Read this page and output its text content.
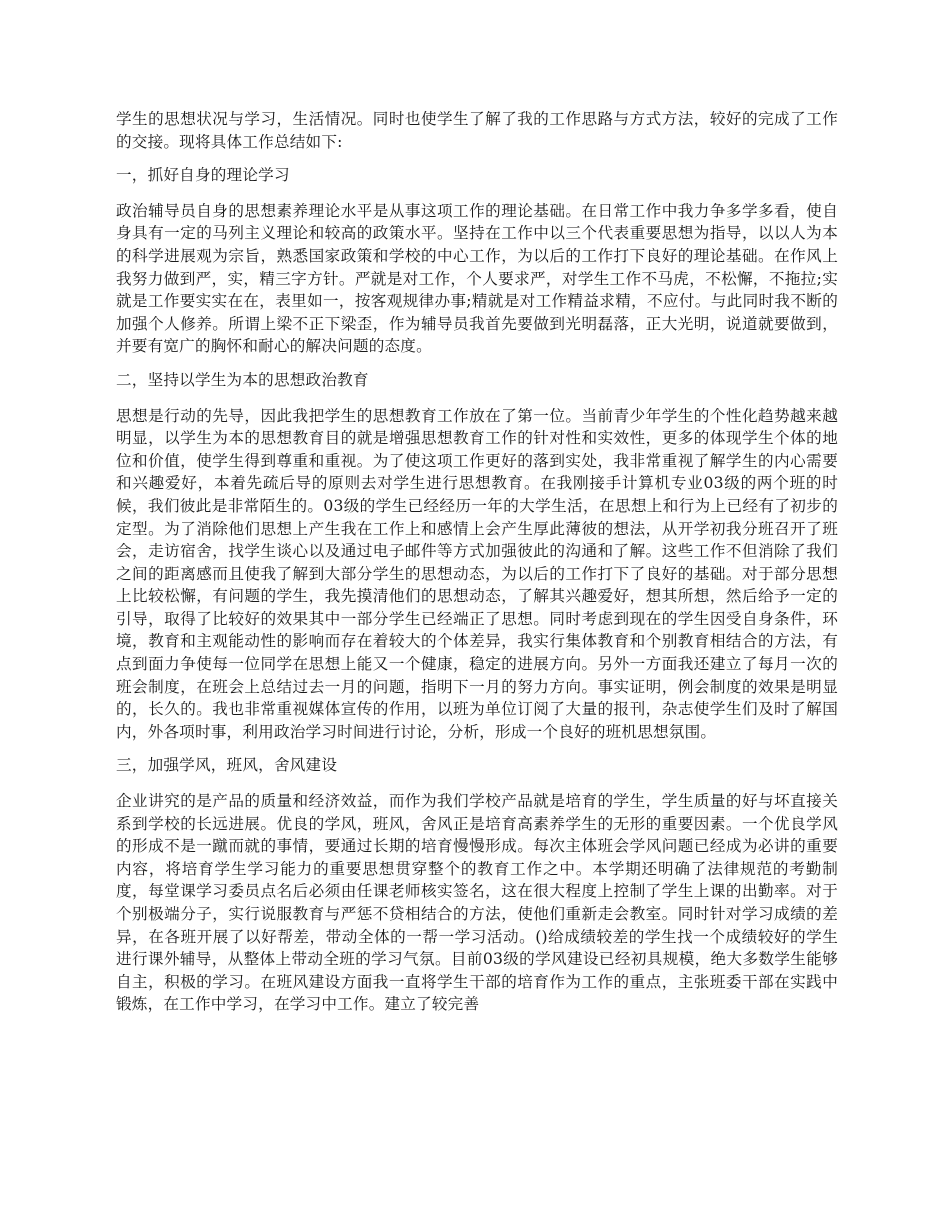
学生的思想状况与学习，生活情况。同时也使学生了解了我的工作思路与方式方法，较好的完成了工作的交接。现将具体工作总结如下:

一，抓好自身的理论学习

政治辅导员自身的思想素养理论水平是从事这项工作的理论基础。在日常工作中我力争多学多看，使自身具有一定的马列主义理论和较高的政策水平。坚持在工作中以三个代表重要思想为指导，以以人为本的科学进展观为宗旨，熟悉国家政策和学校的中心工作，为以后的工作打下良好的理论基础。在作风上我努力做到严，实，精三字方针。严就是对工作，个人要求严，对学生工作不马虎，不松懈，不拖拉;实就是工作要实实在在，表里如一，按客观规律办事;精就是对工作精益求精，不应付。与此同时我不断的加强个人修养。所谓上梁不正下梁歪，作为辅导员我首先要做到光明磊落，正大光明，说道就要做到，并要有宽广的胸怀和耐心的解决问题的态度。

二，坚持以学生为本的思想政治教育

思想是行动的先导，因此我把学生的思想教育工作放在了第一位。当前青少年学生的个性化趋势越来越明显，以学生为本的思想教育目的就是增强思想教育工作的针对性和实效性，更多的体现学生个体的地位和价值，使学生得到尊重和重视。为了使这项工作更好的落到实处，我非常重视了解学生的内心需要和兴趣爱好，本着先疏后导的原则去对学生进行思想教育。在我刚接手计算机专业03级的两个班的时候，我们彼此是非常陌生的。03级的学生已经经历一年的大学生活，在思想上和行为上已经有了初步的定型。为了消除他们思想上产生我在工作上和感情上会产生厚此薄彼的想法，从开学初我分班召开了班会，走访宿舍，找学生谈心以及通过电子邮件等方式加强彼此的沟通和了解。这些工作不但消除了我们之间的距离感而且使我了解到大部分学生的思想动态，为以后的工作打下了良好的基础。对于部分思想上比较松懈，有问题的学生，我先摸清他们的思想动态，了解其兴趣爱好，想其所想，然后给予一定的引导，取得了比较好的效果其中一部分学生已经端正了思想。同时考虑到现在的学生因受自身条件，环境，教育和主观能动性的影响而存在着较大的个体差异，我实行集体教育和个别教育相结合的方法，有点到面力争使每一位同学在思想上能又一个健康，稳定的进展方向。另外一方面我还建立了每月一次的班会制度，在班会上总结过去一月的问题，指明下一月的努力方向。事实证明，例会制度的效果是明显的，长久的。我也非常重视媒体宣传的作用，以班为单位订阅了大量的报刊，杂志使学生们及时了解国内，外各项时事，利用政治学习时间进行讨论，分析，形成一个良好的班机思想氛围。

三，加强学风，班风，舍风建设

企业讲究的是产品的质量和经济效益，而作为我们学校产品就是培育的学生，学生质量的好与坏直接关系到学校的长远进展。优良的学风，班风，舍风正是培育高素养学生的无形的重要因素。一个优良学风的形成不是一蹴而就的事情，要通过长期的培育慢慢形成。每次主体班会学风问题已经成为必讲的重要内容，将培育学生学习能力的重要思想贯穿整个的教育工作之中。本学期还明确了法律规范的考勤制度，每堂课学习委员点名后必须由任课老师核实签名，这在很大程度上控制了学生上课的出勤率。对于个别极端分子，实行说服教育与严惩不贷相结合的方法，使他们重新走会教室。同时针对学习成绩的差异，在各班开展了以好帮差，带动全体的一帮一学习活动。()给成绩较差的学生找一个成绩较好的学生进行课外辅导，从整体上带动全班的学习气氛。目前03级的学风建设已经初具规模，绝大多数学生能够自主，积极的学习。在班风建设方面我一直将学生干部的培育作为工作的重点，主张班委干部在实践中锻炼，在工作中学习，在学习中工作。建立了较完善
